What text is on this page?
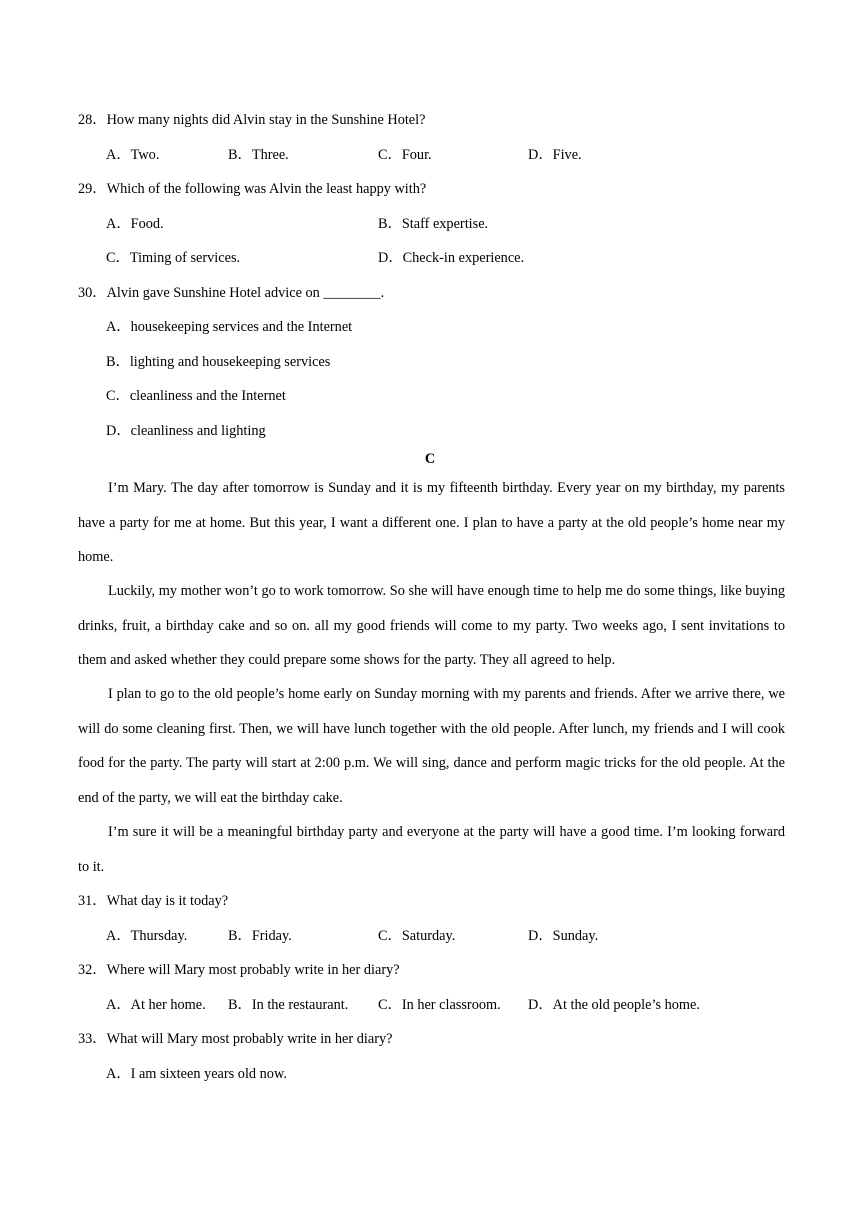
28．How many nights did Alvin stay in the Sunshine Hotel?
A．Two.	B．Three.	C．Four.	D．Five.
29．Which of the following was Alvin the least happy with?
A．Food.	B．Staff expertise.
C．Timing of services.	D．Check-in experience.
30．Alvin gave Sunshine Hotel advice on ________.
A．housekeeping services and the Internet
B．lighting and housekeeping services
C．cleanliness and the Internet
D．cleanliness and lighting
C
I’m Mary. The day after tomorrow is Sunday and it is my fifteenth birthday. Every year on my birthday, my parents have a party for me at home. But this year, I want a different one. I plan to have a party at the old people’s home near my home.
Luckily, my mother won’t go to work tomorrow. So she will have enough time to help me do some things, like buying drinks, fruit, a birthday cake and so on. all my good friends will come to my party. Two weeks ago, I sent invitations to them and asked whether they could prepare some shows for the party. They all agreed to help.
I plan to go to the old people’s home early on Sunday morning with my parents and friends. After we arrive there, we will do some cleaning first. Then, we will have lunch together with the old people. After lunch, my friends and I will cook food for the party. The party will start at 2:00 p.m. We will sing, dance and perform magic tricks for the old people. At the end of the party, we will eat the birthday cake.
I’m sure it will be a meaningful birthday party and everyone at the party will have a good time. I’m looking forward to it.
31．What day is it today?
A．Thursday.	B．Friday.	C．Saturday.	D．Sunday.
32．Where will Mary most probably write in her diary?
A．At her home. B．In the restaurant. C．In her classroom. D．At the old people’s home.
33．What will Mary most probably write in her diary?
A．I am sixteen years old now.
